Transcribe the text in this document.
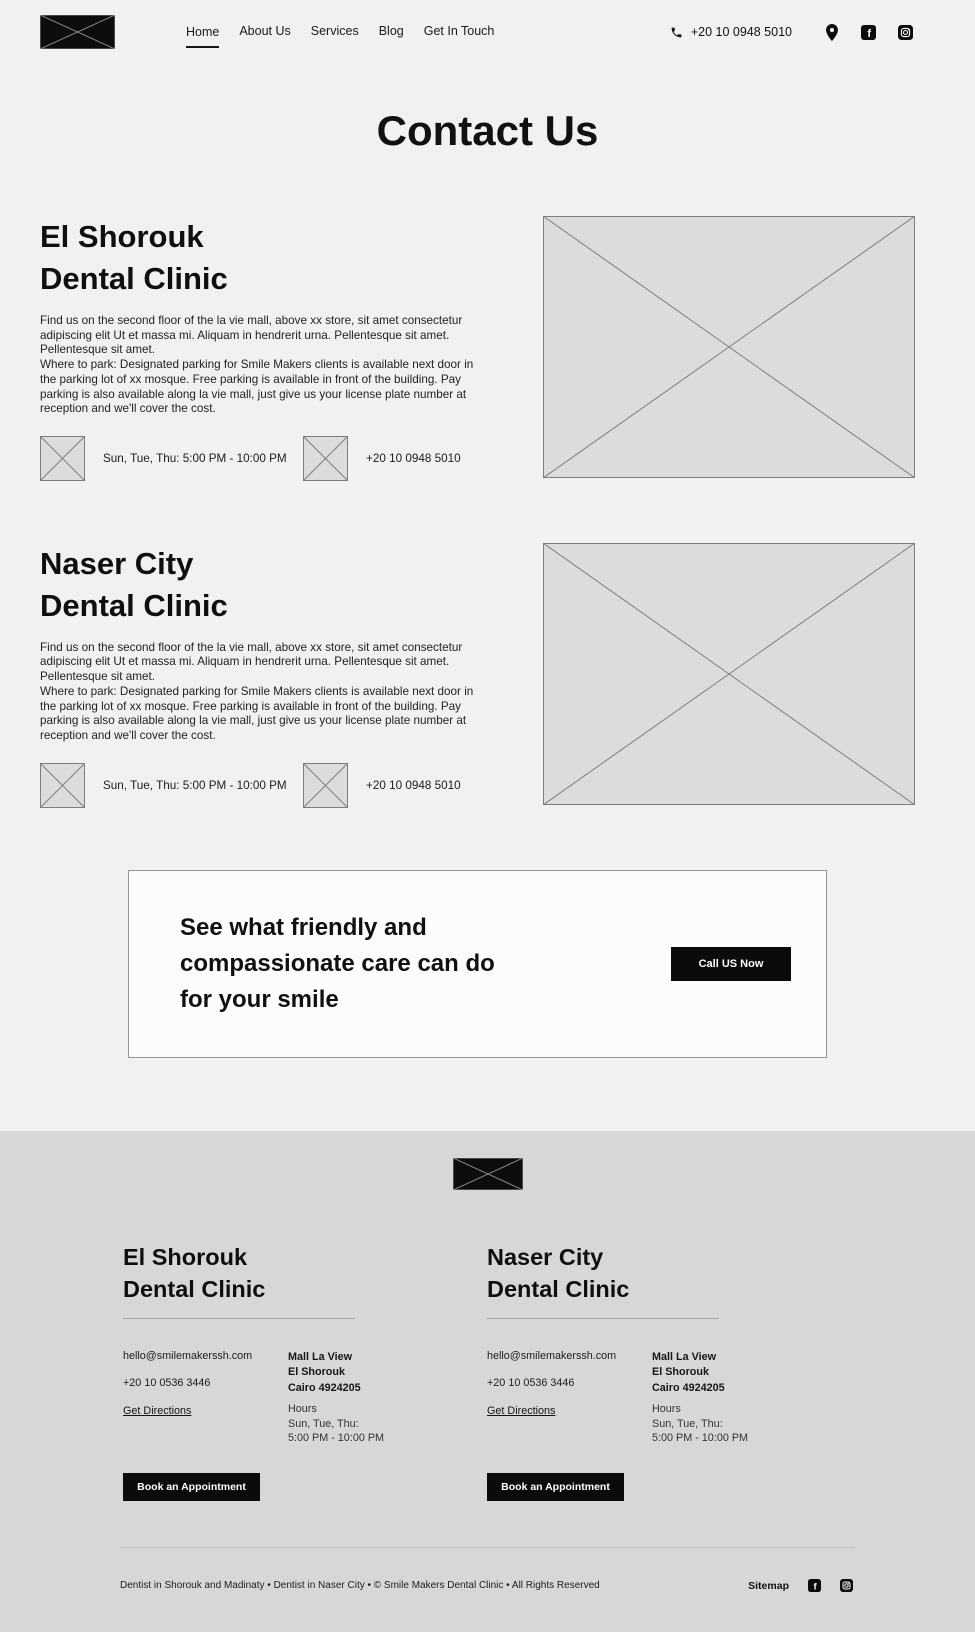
Home About Us Services Blog Get In Touch	+20 10 0948 5010	f
Contact Us
El Shorouk
Dental Clinic

Find us on the second floor of the la vie mall, above xx store, sit amet consectetur adipiscing elit Ut et massa mi. Aliquam in hendrerit urna. Pellentesque sit amet. Pellentesque sit amet.

Where to park: Designated parking for Smile Makers clients is available next door in the parking lot of xx mosque. Free parking is available in front of the building. Pay parking is also available along la vie mall, just give us your license plate number at reception and we'll cover the cost.

Sun, Tue, Thu: 5:00 PM - 10:00 PM	+20 10 0948 5010
Naser City
Dental Clinic

Find us on the second floor of the la vie mall, above xx store, sit amet consectetur adipiscing elit Ut et massa mi. Aliquam in hendrerit urna. Pellentesque sit amet. Pellentesque sit amet.

Where to park: Designated parking for Smile Makers clients is available next door in the parking lot of xx mosque. Free parking is available in front of the building. Pay parking is also available along la vie mall, just give us your license plate number at reception and we'll cover the cost.

Sun, Tue, Thu: 5:00 PM - 10:00 PM	+20 10 0948 5010
See what friendly and
compassionate care can do
for your smile
Call US Now
El Shorouk
Dental Clinic
hello@smilemakerssh.com
+20 10 0536 3446
Get Directions
Mall La View
El Shorouk
Cairo 4924205
Hours
Sun, Tue, Thu:
5:00 PM - 10:00 PM
Book an Appointment
Naser City
Dental Clinic
hello@smilemakerssh.com
+20 10 0536 3446
Get Directions
Mall La View
El Shorouk
Cairo 4924205
Hours
Sun, Tue, Thu:
5:00 PM - 10:00 PM
Book an Appointment
Dentist in Shorouk and Madinaty • Dentist in Naser City • © Smile Makers Dental Clinic • All Rights Reserved	Sitemap	f
